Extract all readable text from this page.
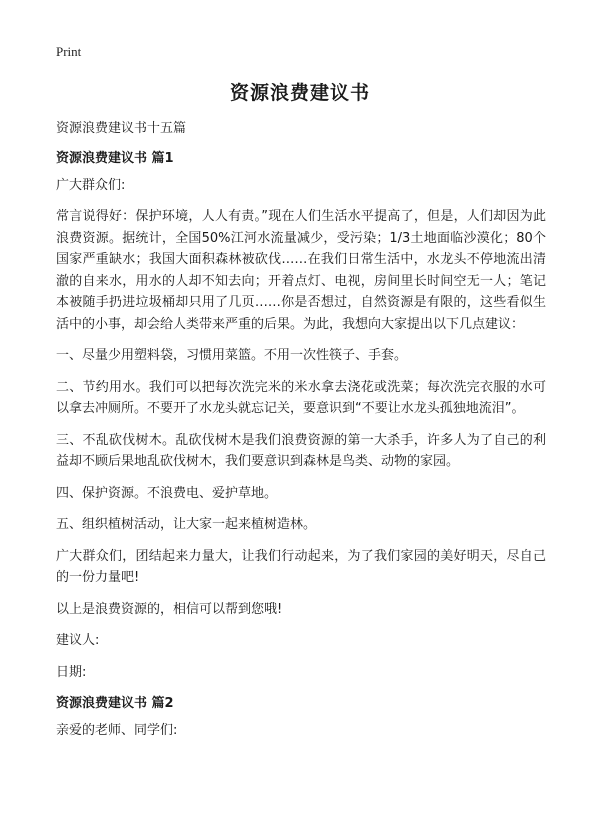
Print
资源浪费建议书

资源浪费建议书十五篇

资源浪费建议书 篇1

广大群众们:

常言说得好：保护环境，人人有责。”现在人们生活水平提高了，但是，人们却因为此浪费资源。据统计，全国50%江河水流量减少，受污染；1/3土地面临沙漠化；80个国家严重缺水；我国大面积森林被砍伐……在我们日常生活中，水龙头不停地流出清澈的自来水，用水的人却不知去向；开着点灯、电视，房间里长时间空无一人；笔记本被随手扔进垃圾桶却只用了几页……你是否想过，自然资源是有限的，这些看似生活中的小事，却会给人类带来严重的后果。为此，我想向大家提出以下几点建议：

一、尽量少用塑料袋，习惯用菜篮。不用一次性筷子、手套。

二、节约用水。我们可以把每次洗完米的米水拿去浇花或洗菜；每次洗完衣服的水可以拿去冲厕所。不要开了水龙头就忘记关，要意识到“不要让水龙头孤独地流泪”。

三、不乱砍伐树木。乱砍伐树木是我们浪费资源的第一大杀手，许多人为了自己的利益却不顾后果地乱砍伐树木，我们要意识到森林是鸟类、动物的家园。

四、保护资源。不浪费电、爱护草地。

五、组织植树活动，让大家一起来植树造林。

广大群众们，团结起来力量大，让我们行动起来，为了我们家园的美好明天，尽自己的一份力量吧!

以上是浪费资源的，相信可以帮到您哦!

建议人:

日期:

资源浪费建议书 篇2

亲爱的老师、同学们:
